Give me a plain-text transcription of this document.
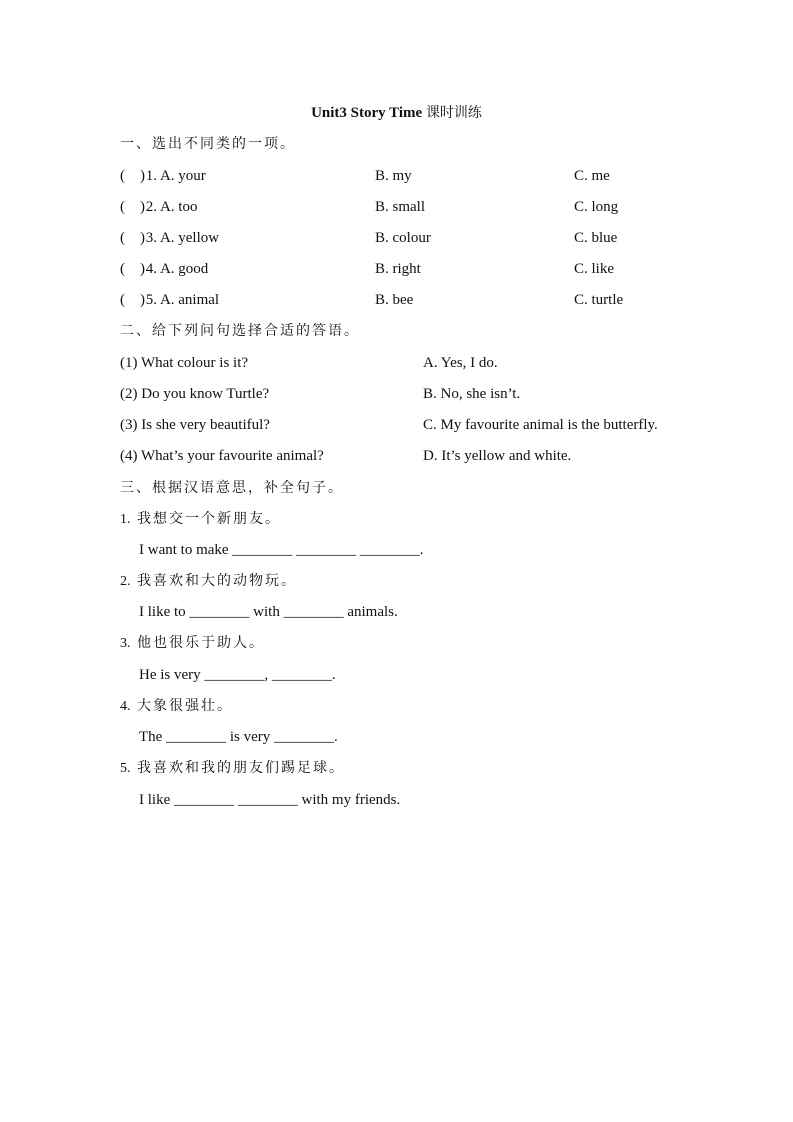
Unit3 Story Time 课时训练
一、选出不同类的一项。
(　) 1. A. your	B. my	C. me
(　) 2. A. too	B. small	C. long
(　) 3. A. yellow	B. colour	C. blue
(　) 4. A. good	B. right	C. like
(　) 5. A. animal	B. bee	C. turtle
二、给下列问句选择合适的答语。
(1) What colour is it?	A. Yes, I do.
(2) Do you know Turtle?	B. No, she isn’t.
(3) Is she very beautiful?	C. My favourite animal is the butterfly.
(4) What’s your favourite animal?	D. It’s yellow and white.
三、根据汉语意思，补全句子。
1. 我想交一个新朋友。
I want to make ________ ________ ________.
2. 我喜欢和大的动物玩。
I like to ________ with ________ animals.
3. 他也很乐于助人。
He is very ________, ________.
4. 大象很强壮。
The ________ is very ________.
5. 我喜欢和我的朋友们踢足球。
I like ________ ________ with my friends.
